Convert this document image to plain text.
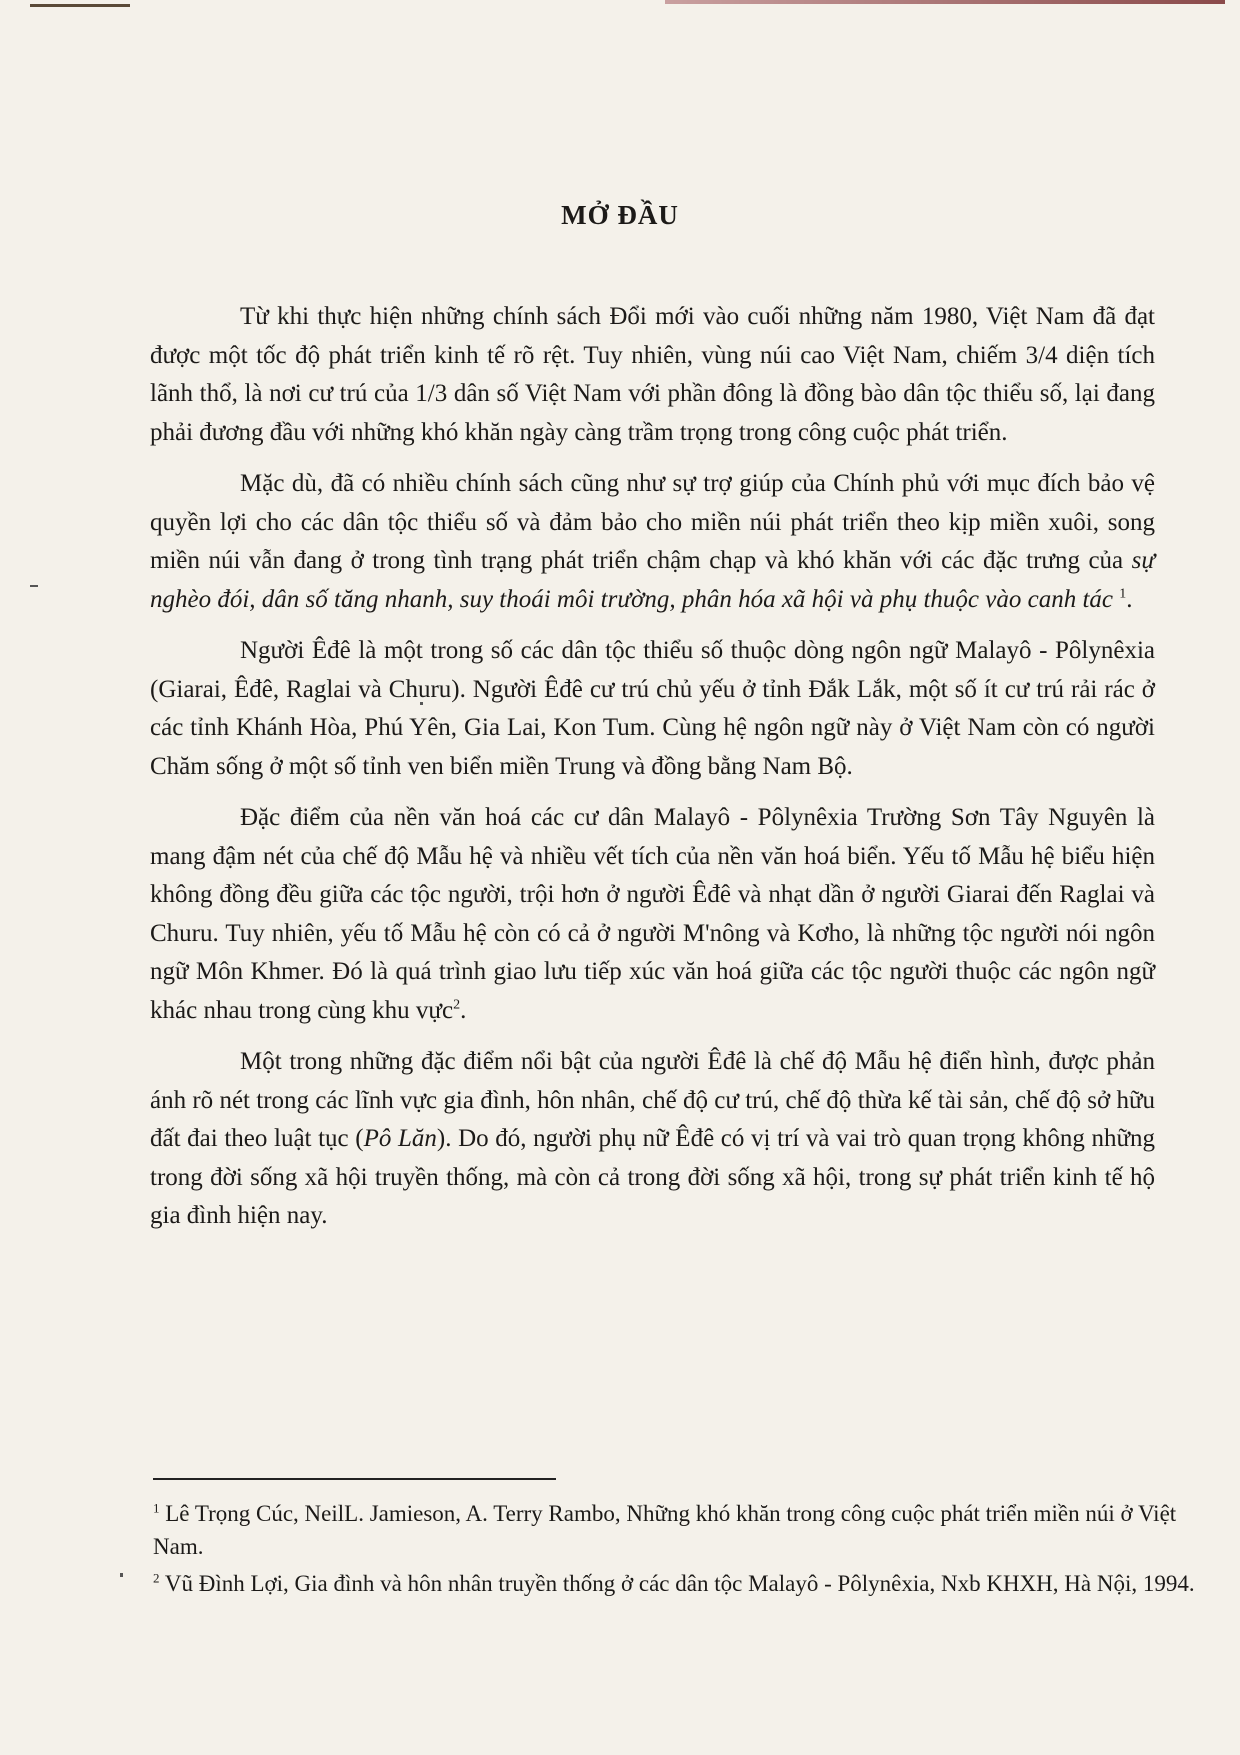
MỞ ĐẦU

Từ khi thực hiện những chính sách Đổi mới vào cuối những năm 1980, Việt Nam đã đạt được một tốc độ phát triển kinh tế rõ rệt. Tuy nhiên, vùng núi cao Việt Nam, chiếm 3/4 diện tích lãnh thổ, là nơi cư trú của 1/3 dân số Việt Nam với phần đông là đồng bào dân tộc thiểu số, lại đang phải đương đầu với những khó khăn ngày càng trầm trọng trong công cuộc phát triển.

Mặc dù, đã có nhiều chính sách cũng như sự trợ giúp của Chính phủ với mục đích bảo vệ quyền lợi cho các dân tộc thiểu số và đảm bảo cho miền núi phát triển theo kịp miền xuôi, song miền núi vẫn đang ở trong tình trạng phát triển chậm chạp và khó khăn với các đặc trưng của sự nghèo đói, dân số tăng nhanh, suy thoái môi trường, phân hóa xã hội và phụ thuộc vào canh tác $^1$.

Người Êđê là một trong số các dân tộc thiểu số thuộc dòng ngôn ngữ Malayô - Pôlynêxia (Giarai, Êđê, Raglai và Churu). Người Êđê cư trú chủ yếu ở tỉnh Đắk Lắk, một số ít cư trú rải rác ở các tỉnh Khánh Hòa, Phú Yên, Gia Lai, Kon Tum. Cùng hệ ngôn ngữ này ở Việt Nam còn có người Chăm sống ở một số tỉnh ven biển miền Trung và đồng bằng Nam Bộ.

Đặc điểm của nền văn hoá các cư dân Malayô - Pôlynêxia Trường Sơn Tây Nguyên là mang đậm nét của chế độ Mẫu hệ và nhiều vết tích của nền văn hoá biển. Yếu tố Mẫu hệ biểu hiện không đồng đều giữa các tộc người, trội hơn ở người Êđê và nhạt dần ở người Giarai đến Raglai và Churu. Tuy nhiên, yếu tố Mẫu hệ còn có cả ở người M'nông và Kơho, là những tộc người nói ngôn ngữ Môn Khmer. Đó là quá trình giao lưu tiếp xúc văn hoá giữa các tộc người thuộc các ngôn ngữ khác nhau trong cùng khu vực$^2$.

Một trong những đặc điểm nổi bật của người Êđê là chế độ Mẫu hệ điển hình, được phản ánh rõ nét trong các lĩnh vực gia đình, hôn nhân, chế độ cư trú, chế độ thừa kế tài sản, chế độ sở hữu đất đai theo luật tục (Pô Lăn). Do đó, người phụ nữ Êđê có vị trí và vai trò quan trọng không những trong đời sống xã hội truyền thống, mà còn cả trong đời sống xã hội, trong sự phát triển kinh tế hộ gia đình hiện nay.

$^1$ Lê Trọng Cúc, NeilL. Jamieson, A. Terry Rambo, Những khó khăn trong công cuộc phát triển miền núi ở Việt Nam.

$^2$ Vũ Đình Lợi, Gia đình và hôn nhân truyền thống ở các dân tộc Malayô - Pôlynêxia, Nxb KHXH, Hà Nội, 1994.
